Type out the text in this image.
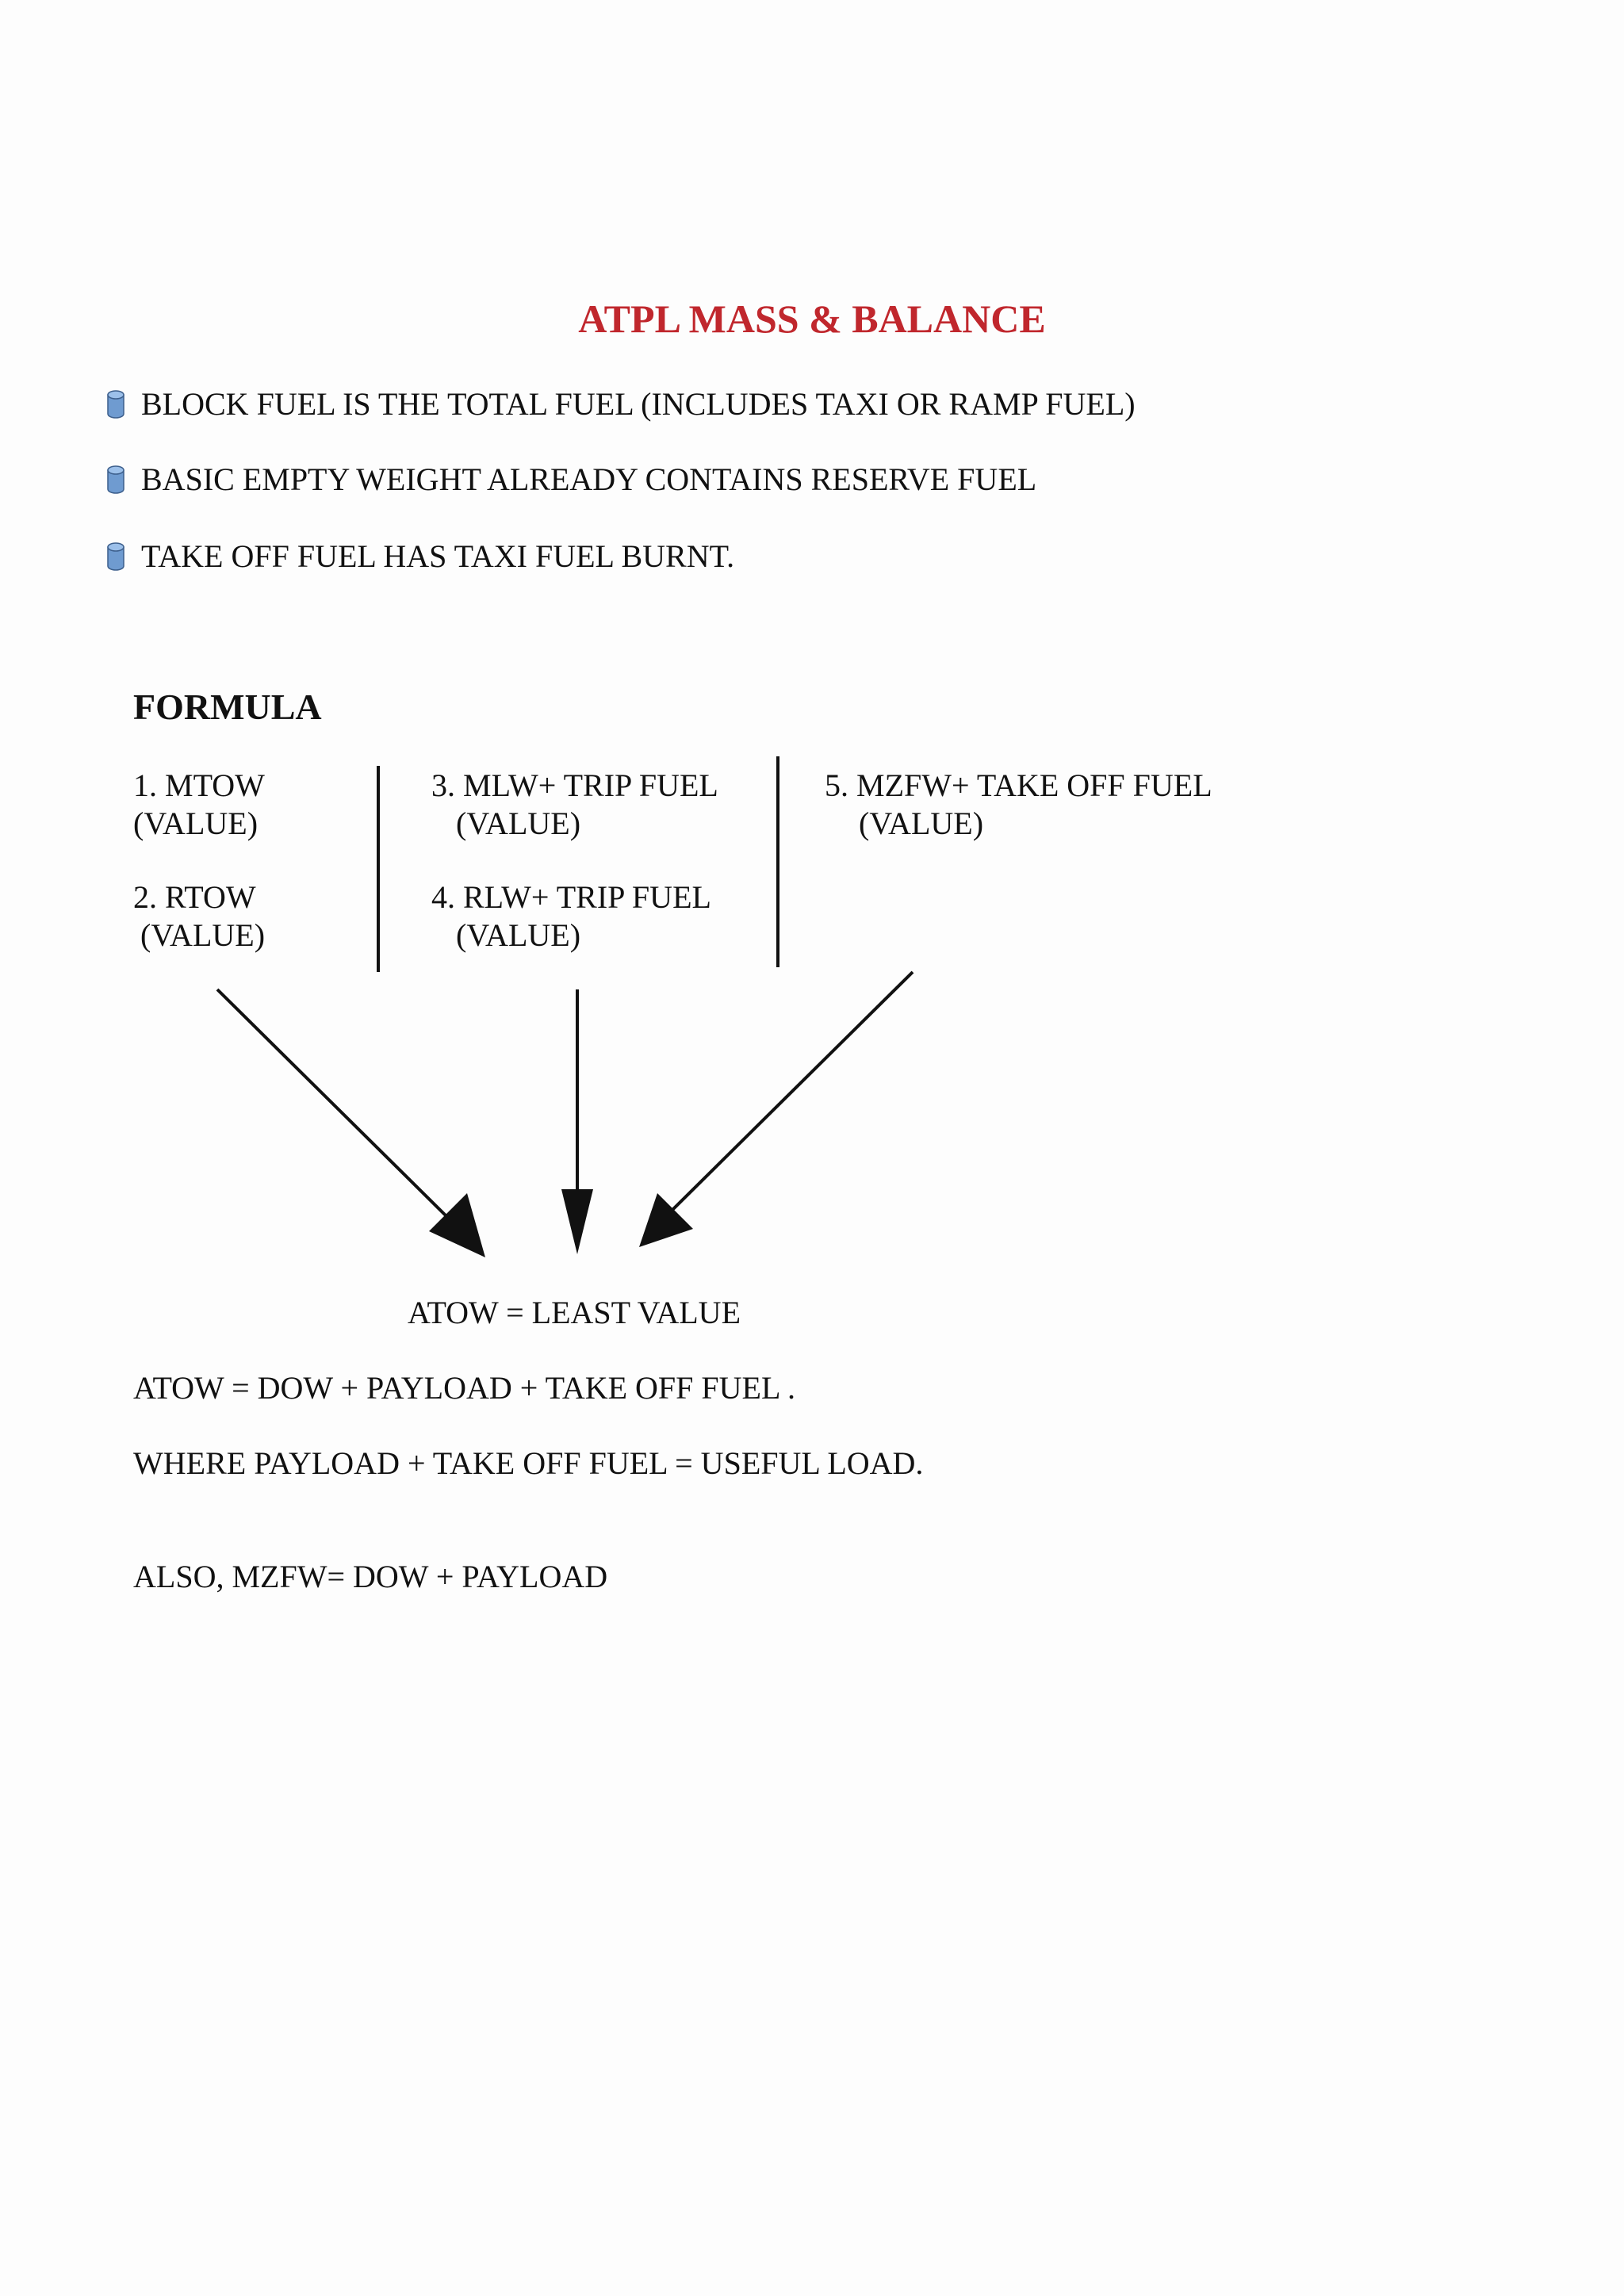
ATPL MASS & BALANCE
BLOCK FUEL IS THE TOTAL FUEL (INCLUDES TAXI OR RAMP FUEL)
BASIC EMPTY WEIGHT ALREADY CONTAINS RESERVE FUEL
TAKE OFF FUEL HAS TAXI FUEL BURNT.
FORMULA
1. MTOW
(VALUE)
2. RTOW
(VALUE)
3. MLW+ TRIP FUEL
(VALUE)
4. RLW+ TRIP FUEL
(VALUE)
5. MZFW+ TAKE OFF FUEL
(VALUE)
ATOW = LEAST VALUE
ATOW = DOW + PAYLOAD + TAKE OFF FUEL .
WHERE PAYLOAD + TAKE OFF FUEL = USEFUL LOAD.
ALSO, MZFW= DOW + PAYLOAD
